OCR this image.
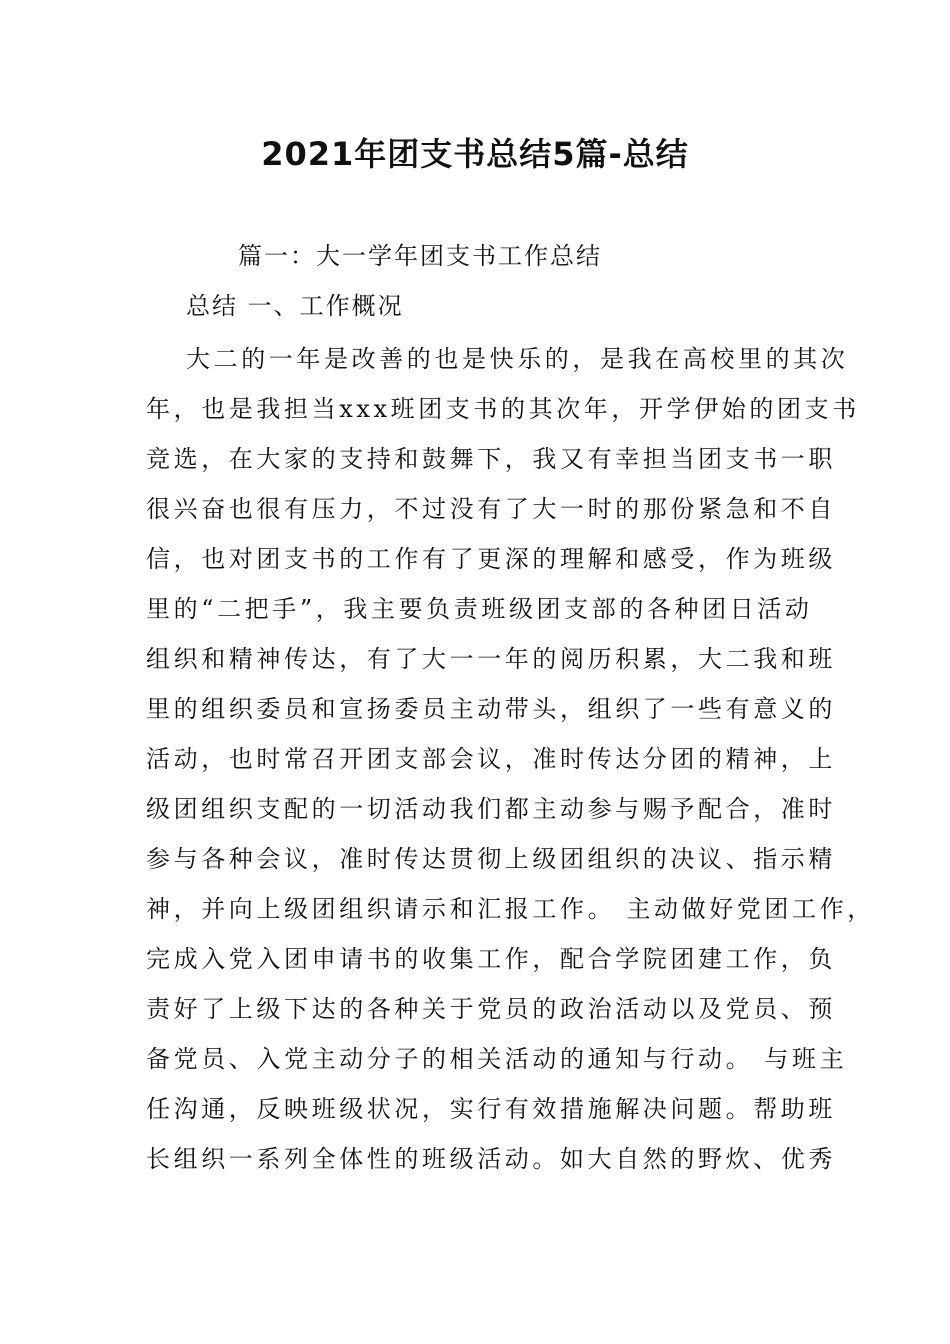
2021年团支书总结5篇-总结

篇一：大一学年团支书工作总结

总结 一、工作概况

大二的一年是改善的也是快乐的，是我在高校里的其次
年，也是我担当xxx班团支书的其次年，开学伊始的团支书
竞选，在大家的支持和鼓舞下，我又有幸担当团支书一职
很兴奋也很有压力，不过没有了大一时的那份紧急和不自
信，也对团支书的工作有了更深的理解和感受，作为班级
里的“二把手”，我主要负责班级团支部的各种团日活动
组织和精神传达，有了大一一年的阅历积累，大二我和班
里的组织委员和宣扬委员主动带头，组织了一些有意义的
活动，也时常召开团支部会议，准时传达分团的精神，上
级团组织支配的一切活动我们都主动参与赐予配合，准时
参与各种会议，准时传达贯彻上级团组织的决议、指示精
神，并向上级团组织请示和汇报工作。 主动做好党团工作，
完成入党入团申请书的收集工作，配合学院团建工作，负
责好了上级下达的各种关于党员的政治活动以及党员、预
备党员、入党主动分子的相关活动的通知与行动。 与班主
任沟通，反映班级状况，实行有效措施解决问题。帮助班
长组织一系列全体性的班级活动。如大自然的野炊、优秀
